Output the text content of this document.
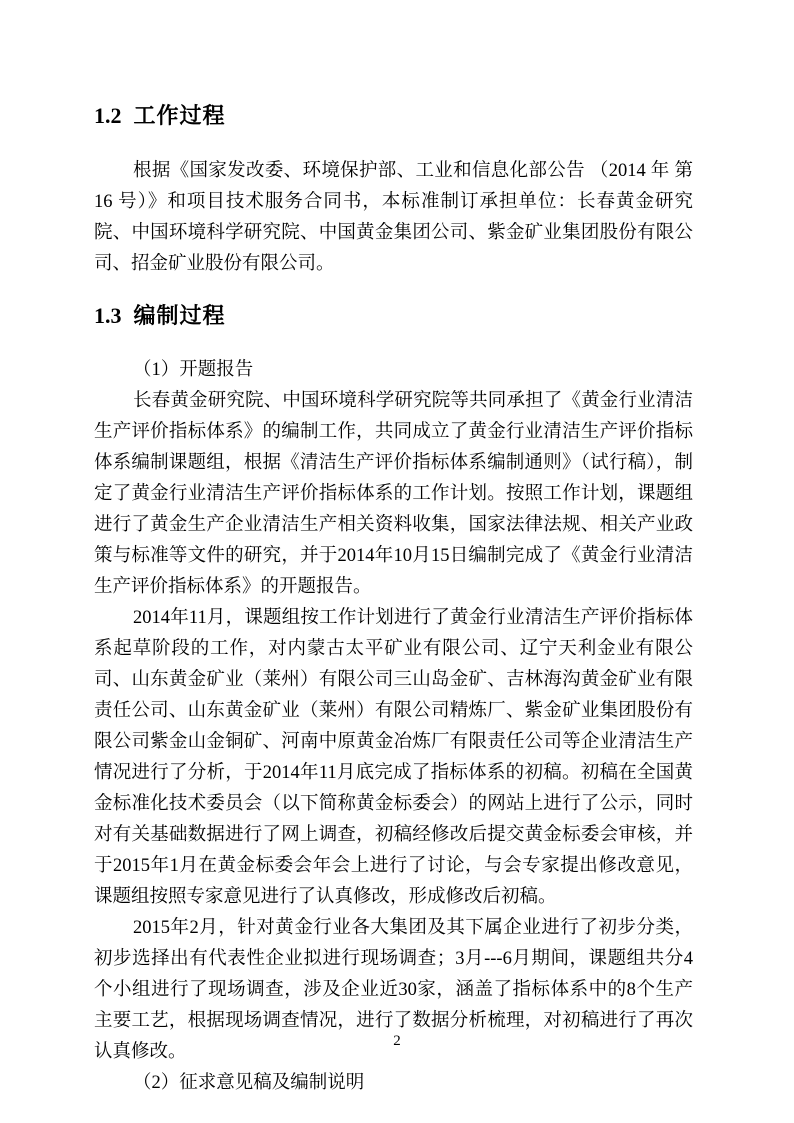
1.2 工作过程

根据《国家发改委、环境保护部、工业和信息化部公告 （2014 年 第 16 号）》和项目技术服务合同书，本标准制订承担单位：长春黄金研究院、中国环境科学研究院、中国黄金集团公司、紫金矿业集团股份有限公司、招金矿业股份有限公司。

1.3 编制过程

（1）开题报告

长春黄金研究院、中国环境科学研究院等共同承担了《黄金行业清洁生产评价指标体系》的编制工作，共同成立了黄金行业清洁生产评价指标体系编制课题组，根据《清洁生产评价指标体系编制通则》（试行稿），制定了黄金行业清洁生产评价指标体系的工作计划。按照工作计划，课题组进行了黄金生产企业清洁生产相关资料收集，国家法律法规、相关产业政策与标准等文件的研究，并于2014年10月15日编制完成了《黄金行业清洁生产评价指标体系》的开题报告。

2014年11月，课题组按工作计划进行了黄金行业清洁生产评价指标体系起草阶段的工作，对内蒙古太平矿业有限公司、辽宁天利金业有限公司、山东黄金矿业（莱州）有限公司三山岛金矿、吉林海沟黄金矿业有限责任公司、山东黄金矿业（莱州）有限公司精炼厂、紫金矿业集团股份有限公司紫金山金铜矿、河南中原黄金冶炼厂有限责任公司等企业清洁生产情况进行了分析，于2014年11月底完成了指标体系的初稿。初稿在全国黄金标准化技术委员会（以下简称黄金标委会）的网站上进行了公示，同时对有关基础数据进行了网上调查，初稿经修改后提交黄金标委会审核，并于2015年1月在黄金标委会年会上进行了讨论，与会专家提出修改意见，课题组按照专家意见进行了认真修改，形成修改后初稿。

2015年2月，针对黄金行业各大集团及其下属企业进行了初步分类，初步选择出有代表性企业拟进行现场调查；3月---6月期间，课题组共分4个小组进行了现场调查，涉及企业近30家，涵盖了指标体系中的8个生产主要工艺，根据现场调查情况，进行了数据分析梳理，对初稿进行了再次认真修改。

（2）征求意见稿及编制说明

2
